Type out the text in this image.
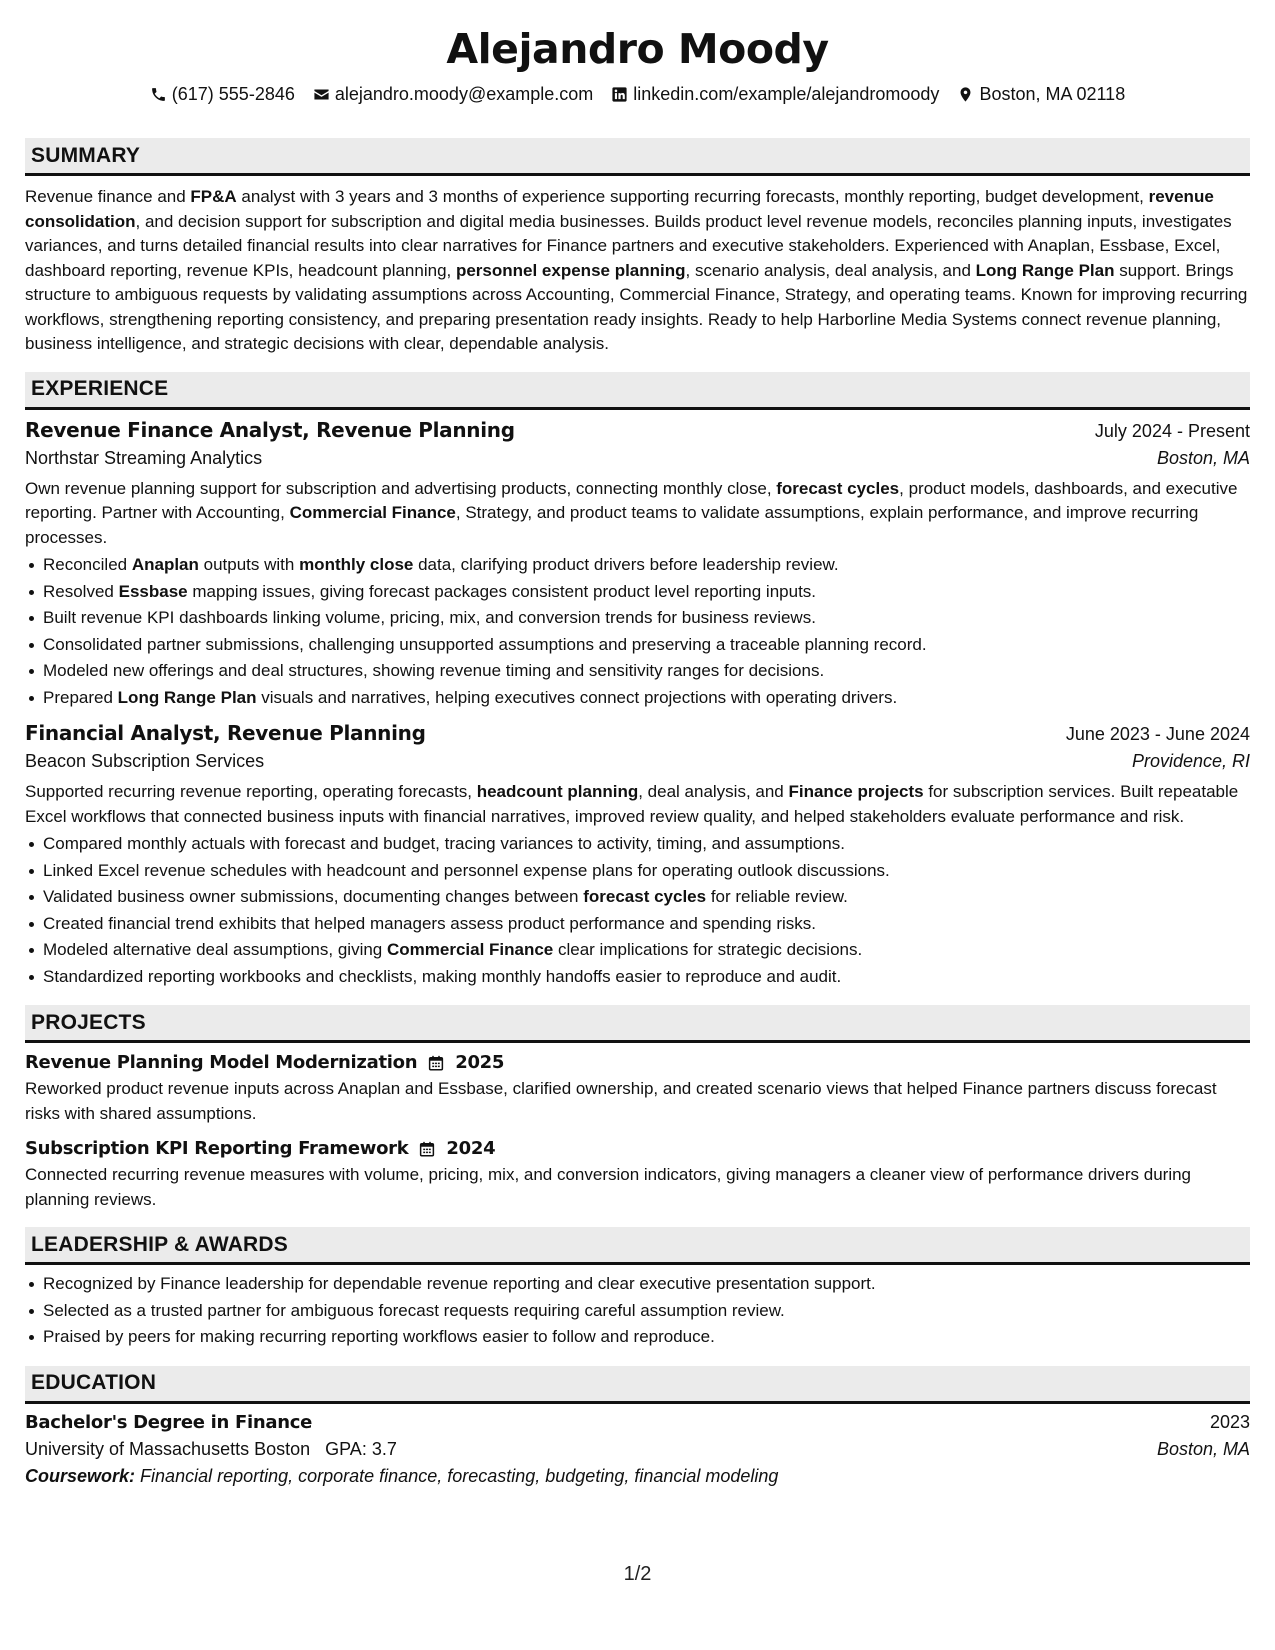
Alejandro Moody
(617) 555-2846 alejandro.moody@example.com linkedin.com/example/alejandromoody Boston, MA 02118
SUMMARY
Revenue finance and FP&A analyst with 3 years and 3 months of experience supporting recurring forecasts, monthly reporting, budget development, revenue consolidation, and decision support for subscription and digital media businesses. Builds product level revenue models, reconciles planning inputs, investigates variances, and turns detailed financial results into clear narratives for Finance partners and executive stakeholders. Experienced with Anaplan, Essbase, Excel, dashboard reporting, revenue KPIs, headcount planning, personnel expense planning, scenario analysis, deal analysis, and Long Range Plan support. Brings structure to ambiguous requests by validating assumptions across Accounting, Commercial Finance, Strategy, and operating teams. Known for improving recurring workflows, strengthening reporting consistency, and preparing presentation ready insights. Ready to help Harborline Media Systems connect revenue planning, business intelligence, and strategic decisions with clear, dependable analysis.
EXPERIENCE
Revenue Finance Analyst, Revenue Planning	July 2024 - Present
Northstar Streaming Analytics	Boston, MA
Own revenue planning support for subscription and advertising products, connecting monthly close, forecast cycles, product models, dashboards, and executive reporting. Partner with Accounting, Commercial Finance, Strategy, and product teams to validate assumptions, explain performance, and improve recurring processes.
Reconciled Anaplan outputs with monthly close data, clarifying product drivers before leadership review.
Resolved Essbase mapping issues, giving forecast packages consistent product level reporting inputs.
Built revenue KPI dashboards linking volume, pricing, mix, and conversion trends for business reviews.
Consolidated partner submissions, challenging unsupported assumptions and preserving a traceable planning record.
Modeled new offerings and deal structures, showing revenue timing and sensitivity ranges for decisions.
Prepared Long Range Plan visuals and narratives, helping executives connect projections with operating drivers.
Financial Analyst, Revenue Planning	June 2023 - June 2024
Beacon Subscription Services	Providence, RI
Supported recurring revenue reporting, operating forecasts, headcount planning, deal analysis, and Finance projects for subscription services. Built repeatable Excel workflows that connected business inputs with financial narratives, improved review quality, and helped stakeholders evaluate performance and risk.
Compared monthly actuals with forecast and budget, tracing variances to activity, timing, and assumptions.
Linked Excel revenue schedules with headcount and personnel expense plans for operating outlook discussions.
Validated business owner submissions, documenting changes between forecast cycles for reliable review.
Created financial trend exhibits that helped managers assess product performance and spending risks.
Modeled alternative deal assumptions, giving Commercial Finance clear implications for strategic decisions.
Standardized reporting workbooks and checklists, making monthly handoffs easier to reproduce and audit.
PROJECTS
Revenue Planning Model Modernization 2025
Reworked product revenue inputs across Anaplan and Essbase, clarified ownership, and created scenario views that helped Finance partners discuss forecast risks with shared assumptions.
Subscription KPI Reporting Framework 2024
Connected recurring revenue measures with volume, pricing, mix, and conversion indicators, giving managers a cleaner view of performance drivers during planning reviews.
LEADERSHIP & AWARDS
Recognized by Finance leadership for dependable revenue reporting and clear executive presentation support.
Selected as a trusted partner for ambiguous forecast requests requiring careful assumption review.
Praised by peers for making recurring reporting workflows easier to follow and reproduce.
EDUCATION
Bachelor's Degree in Finance	2023
University of Massachusetts Boston GPA: 3.7	Boston, MA
Coursework: Financial reporting, corporate finance, forecasting, budgeting, financial modeling
1/2
